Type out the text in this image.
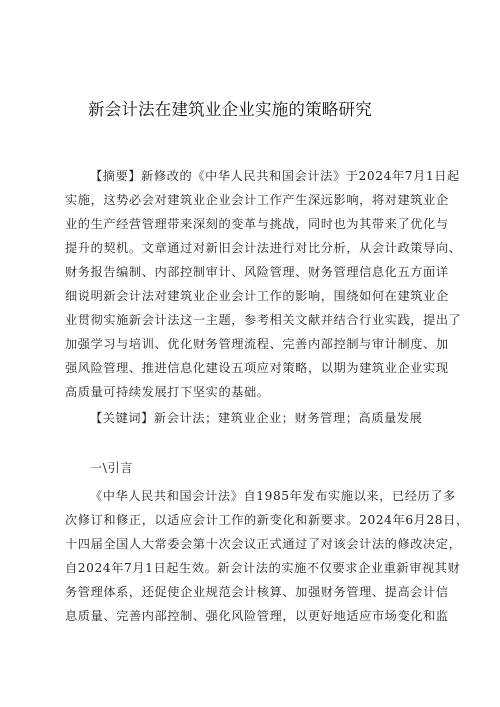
新会计法在建筑业企业实施的策略研究
【摘要】新修改的《中华人民共和国会计法》于2024年7月1日起
实施，这势必会对建筑业企业会计工作产生深远影响，将对建筑业企
业的生产经营管理带来深刻的变革与挑战，同时也为其带来了优化与
提升的契机。文章通过对新旧会计法进行对比分析，从会计政策导向、
财务报告编制、内部控制审计、风险管理、财务管理信息化五方面详
细说明新会计法对建筑业企业会计工作的影响，围绕如何在建筑业企
业贯彻实施新会计法这一主题，参考相关文献并结合行业实践，提出了
加强学习与培训、优化财务管理流程、完善内部控制与审计制度、加
强风险管理、推进信息化建设五项应对策略，以期为建筑业企业实现
高质量可持续发展打下坚实的基础。
【关键词】新会计法；建筑业企业；财务管理；高质量发展
一\引言
《中华人民共和国会计法》自1985年发布实施以来，已经历了多
次修订和修正，以适应会计工作的新变化和新要求。2024年6月28日，
十四届全国人大常委会第十次会议正式通过了对该会计法的修改决定，
自2024年7月1日起生效。新会计法的实施不仅要求企业重新审视其财
务管理体系，还促使企业规范会计核算、加强财务管理、提高会计信
息质量、完善内部控制、强化风险管理，以更好地适应市场变化和监
